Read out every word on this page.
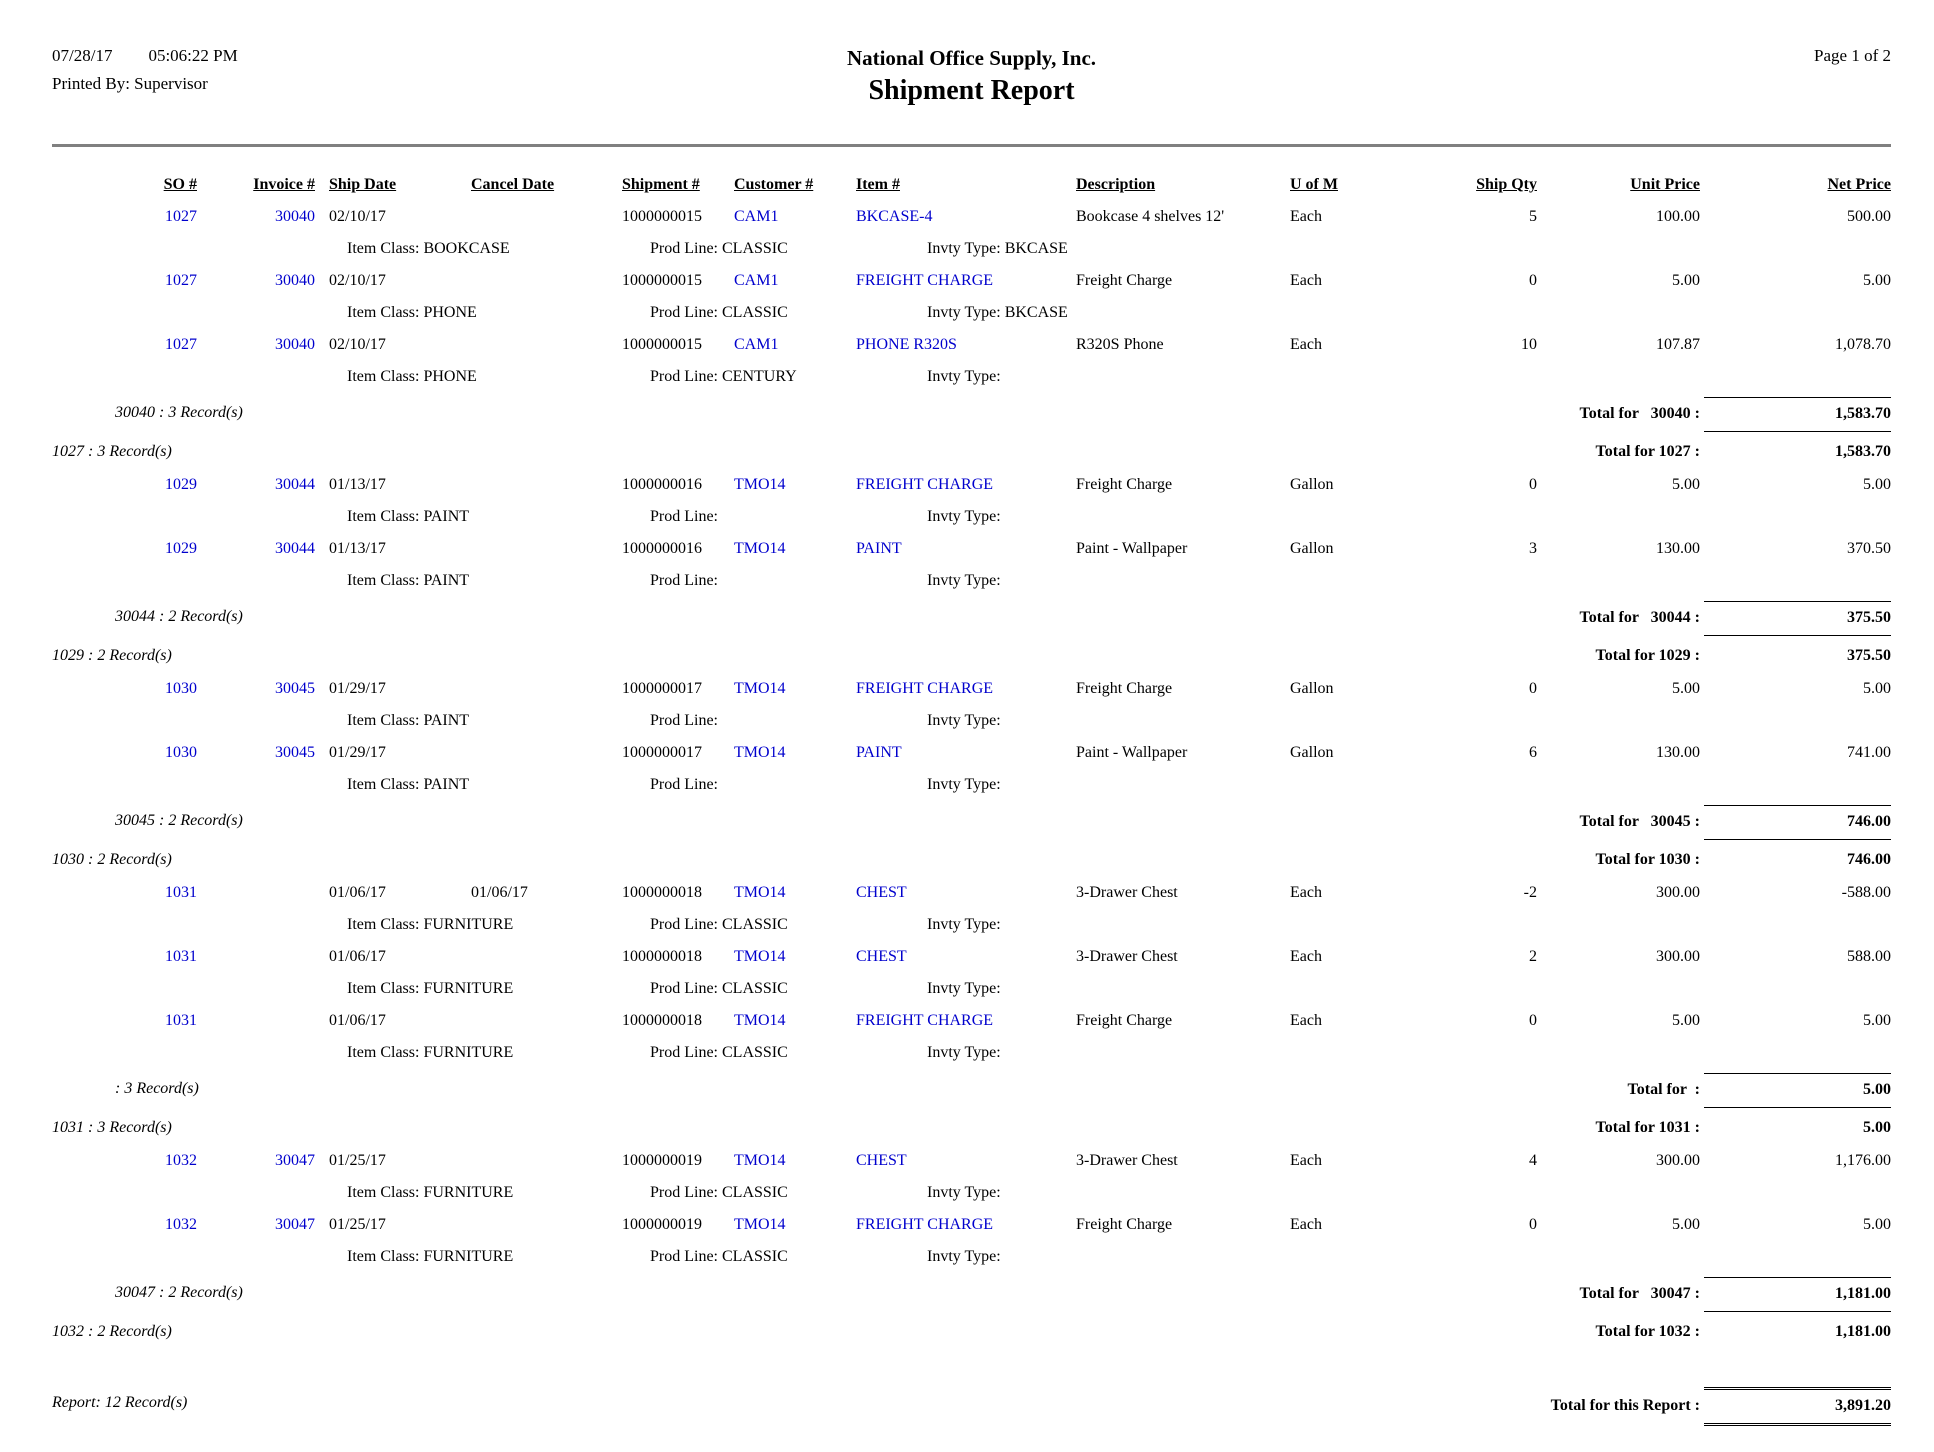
07/28/17 05:06:22 PM
Printed By: Supervisor
National Office Supply, Inc.
Shipment Report
Page 1 of 2
SO #	Invoice # Ship Date	Cancel Date	Shipment #	Customer #	Item #	Description	U of M	Ship Qty	Unit Price	Net Price
1027	30040 02/10/17	1000000015	CAM1	BKCASE-4	Bookcase 4 shelves 12'	Each	5	100.00	500.00
Item Class: BOOKCASE	Prod Line: CLASSIC	Invty Type: BKCASE
1027	30040 02/10/17	1000000015	CAM1	FREIGHT CHARGE	Freight Charge	Each	0	5.00	5.00
Item Class: PHONE	Prod Line: CLASSIC	Invty Type: BKCASE
1027	30040 02/10/17	1000000015	CAM1	PHONE R320S	R320S Phone	Each	10	107.87	1,078.70
Item Class: PHONE	Prod Line: CENTURY	Invty Type:
30040 : 3 Record(s)	Total for   30040 :	1,583.70
1027 : 3 Record(s)	Total for 1027 :	1,583.70
1029	30044 01/13/17	1000000016	TMO14	FREIGHT CHARGE	Freight Charge	Gallon	0	5.00	5.00
Item Class: PAINT	Prod Line:	Invty Type:
1029	30044 01/13/17	1000000016	TMO14	PAINT	Paint - Wallpaper	Gallon	3	130.00	370.50
Item Class: PAINT	Prod Line:	Invty Type:
30044 : 2 Record(s)	Total for   30044 :	375.50
1029 : 2 Record(s)	Total for 1029 :	375.50
1030	30045 01/29/17	1000000017	TMO14	FREIGHT CHARGE	Freight Charge	Gallon	0	5.00	5.00
Item Class: PAINT	Prod Line:	Invty Type:
1030	30045 01/29/17	1000000017	TMO14	PAINT	Paint - Wallpaper	Gallon	6	130.00	741.00
Item Class: PAINT	Prod Line:	Invty Type:
30045 : 2 Record(s)	Total for   30045 :	746.00
1030 : 2 Record(s)	Total for 1030 :	746.00
1031	01/06/17	01/06/17	1000000018	TMO14	CHEST	3-Drawer Chest	Each	-2	300.00	-588.00
Item Class: FURNITURE	Prod Line: CLASSIC	Invty Type:
1031	01/06/17	1000000018	TMO14	CHEST	3-Drawer Chest	Each	2	300.00	588.00
Item Class: FURNITURE	Prod Line: CLASSIC	Invty Type:
1031	01/06/17	1000000018	TMO14	FREIGHT CHARGE	Freight Charge	Each	0	5.00	5.00
Item Class: FURNITURE	Prod Line: CLASSIC	Invty Type:
: 3 Record(s)	Total for  :	5.00
1031 : 3 Record(s)	Total for 1031 :	5.00
1032	30047 01/25/17	1000000019	TMO14	CHEST	3-Drawer Chest	Each	4	300.00	1,176.00
Item Class: FURNITURE	Prod Line: CLASSIC	Invty Type:
1032	30047 01/25/17	1000000019	TMO14	FREIGHT CHARGE	Freight Charge	Each	0	5.00	5.00
Item Class: FURNITURE	Prod Line: CLASSIC	Invty Type:
30047 : 2 Record(s)	Total for   30047 :	1,181.00
1032 : 2 Record(s)	Total for 1032 :	1,181.00
Report: 12 Record(s)	Total for this Report :	3,891.20
